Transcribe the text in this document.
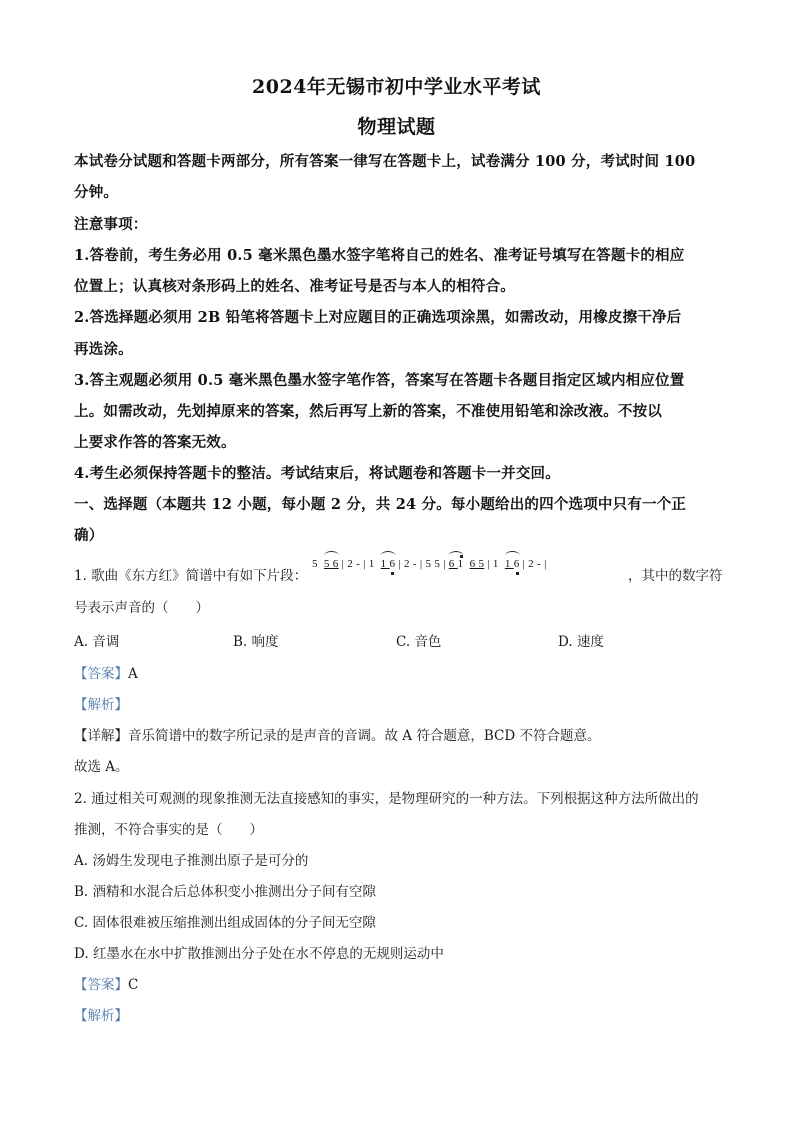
2024年无锡市初中学业水平考试
物理试题
本试卷分试题和答题卡两部分，所有答案一律写在答题卡上，试卷满分 100 分，考试时间 100
分钟。
注意事项：
1.答卷前，考生务必用 0.5 毫米黑色墨水签字笔将自己的姓名、准考证号填写在答题卡的相应
位置上；认真核对条形码上的姓名、准考证号是否与本人的相符合。
2.答选择题必须用 2B 铅笔将答题卡上对应题目的正确选项涂黑，如需改动，用橡皮擦干净后
再选涂。
3.答主观题必须用 0.5 毫米黑色墨水签字笔作答，答案写在答题卡各题目指定区域内相应位置
上。如需改动，先划掉原来的答案，然后再写上新的答案，不准使用铅笔和涂改液。不按以
上要求作答的答案无效。
4.考生必须保持答题卡的整洁。考试结束后，将试题卷和答题卡一并交回。
一、选择题（本题共 12 小题，每小题 2 分，共 24 分。每小题给出的四个选项中只有一个正
确）
1. 歌曲《东方红》简谱中有如下片段：
5 5 6 | 2 - | 1 1 6 | 2 - | 5 5 | 6 1 6 5 | 1 1 6 | 2 - |
，其中的数字符
号表示声音的（　　）
A. 音调	B. 响度	C. 音色	D. 速度
【答案】A
【解析】
【详解】音乐简谱中的数字所记录的是声音的音调。故 A 符合题意，BCD 不符合题意。
故选 A。
2. 通过相关可观测的现象推测无法直接感知的事实，是物理研究的一种方法。下列根据这种方法所做出的
推测，不符合事实的是（　　）
A. 汤姆生发现电子推测出原子是可分的
B. 酒精和水混合后总体积变小推测出分子间有空隙
C. 固体很难被压缩推测出组成固体的分子间无空隙
D. 红墨水在水中扩散推测出分子处在水不停息的无规则运动中
【答案】C
【解析】
